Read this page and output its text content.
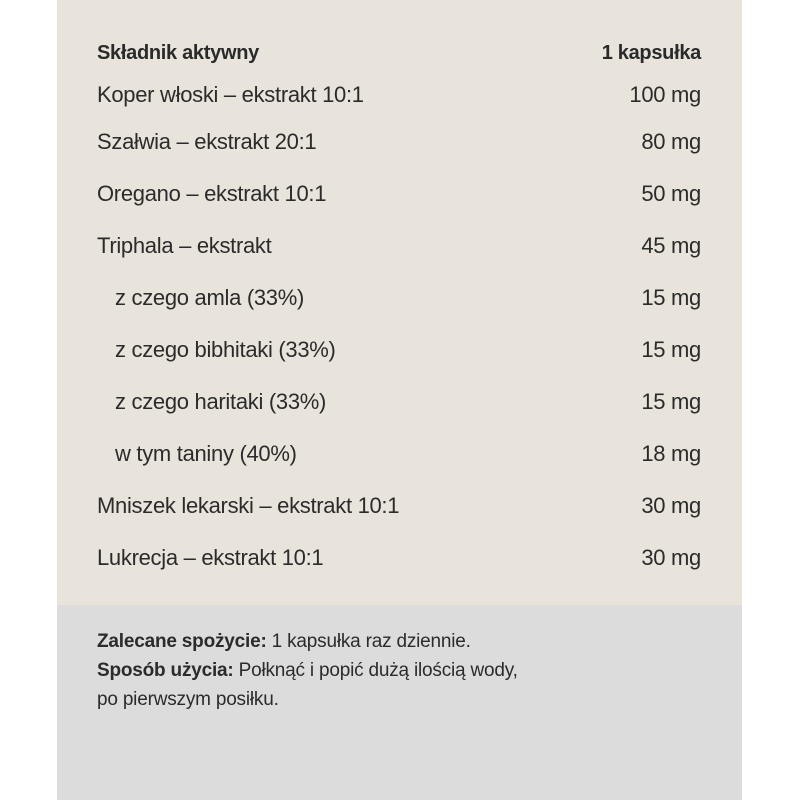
Składnik aktywny	1 kapsułka
Koper włoski – ekstrakt 10:1	100 mg
Szałwia – ekstrakt 20:1	80 mg
Oregano – ekstrakt 10:1	50 mg
Triphala – ekstrakt	45 mg
z czego amla (33%)	15 mg
z czego bibhitaki (33%)	15 mg
z czego haritaki (33%)	15 mg
w tym taniny (40%)	18 mg
Mniszek lekarski – ekstrakt 10:1	30 mg
Lukrecja – ekstrakt 10:1	30 mg
Zalecane spożycie: 1 kapsułka raz dziennie.
Sposób użycia: Połknąć i popić dużą ilością wody,
po pierwszym posiłku.
